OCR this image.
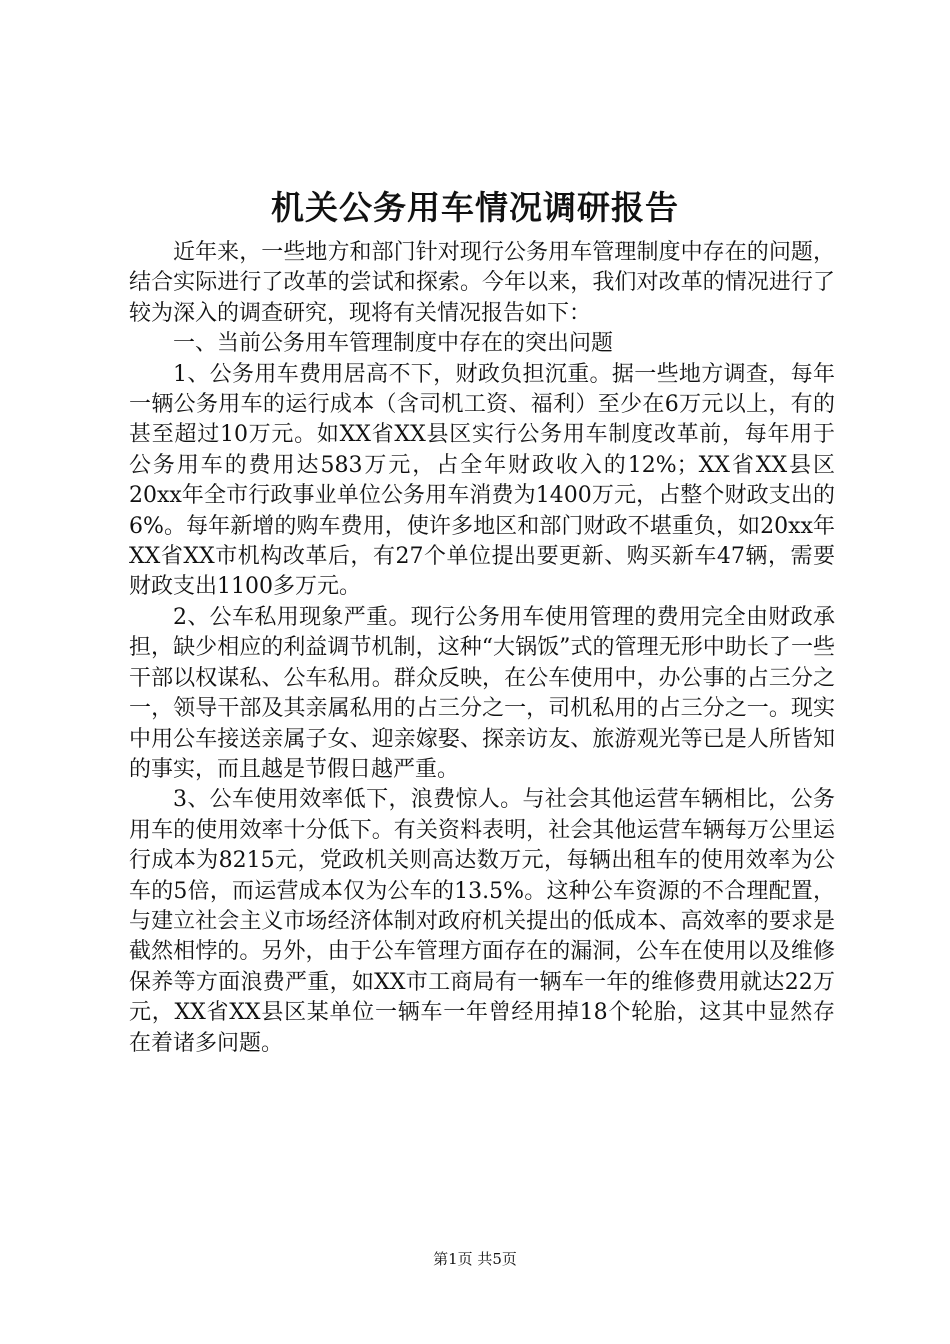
机关公务用车情况调研报告

近年来，一些地方和部门针对现行公务用车管理制度中存在的问题，结合实际进行了改革的尝试和探索。今年以来，我们对改革的情况进行了较为深入的调查研究，现将有关情况报告如下：

一、当前公务用车管理制度中存在的突出问题

1、公务用车费用居高不下，财政负担沉重。据一些地方调查，每年一辆公务用车的运行成本（含司机工资、福利）至少在6万元以上，有的甚至超过10万元。如XX省XX县区实行公务用车制度改革前，每年用于公务用车的费用达583万元，占全年财政收入的12%；XX省XX县区20xx年全市行政事业单位公务用车消费为1400万元，占整个财政支出的6%。每年新增的购车费用，使许多地区和部门财政不堪重负，如20xx年XX省XX市机构改革后，有27个单位提出要更新、购买新车47辆，需要财政支出1100多万元。

2、公车私用现象严重。现行公务用车使用管理的费用完全由财政承担，缺少相应的利益调节机制，这种“大锅饭”式的管理无形中助长了一些干部以权谋私、公车私用。群众反映，在公车使用中，办公事的占三分之一，领导干部及其亲属私用的占三分之一，司机私用的占三分之一。现实中用公车接送亲属子女、迎亲嫁娶、探亲访友、旅游观光等已是人所皆知的事实，而且越是节假日越严重。

3、公车使用效率低下，浪费惊人。与社会其他运营车辆相比，公务用车的使用效率十分低下。有关资料表明，社会其他运营车辆每万公里运行成本为8215元，党政机关则高达数万元，每辆出租车的使用效率为公车的5倍，而运营成本仅为公车的13.5%。这种公车资源的不合理配置，与建立社会主义市场经济体制对政府机关提出的低成本、高效率的要求是截然相悖的。另外，由于公车管理方面存在的漏洞，公车在使用以及维修保养等方面浪费严重，如XX市工商局有一辆车一年的维修费用就达22万元，XX省XX县区某单位一辆车一年曾经用掉18个轮胎，这其中显然存在着诸多问题。

第1页 共5页
